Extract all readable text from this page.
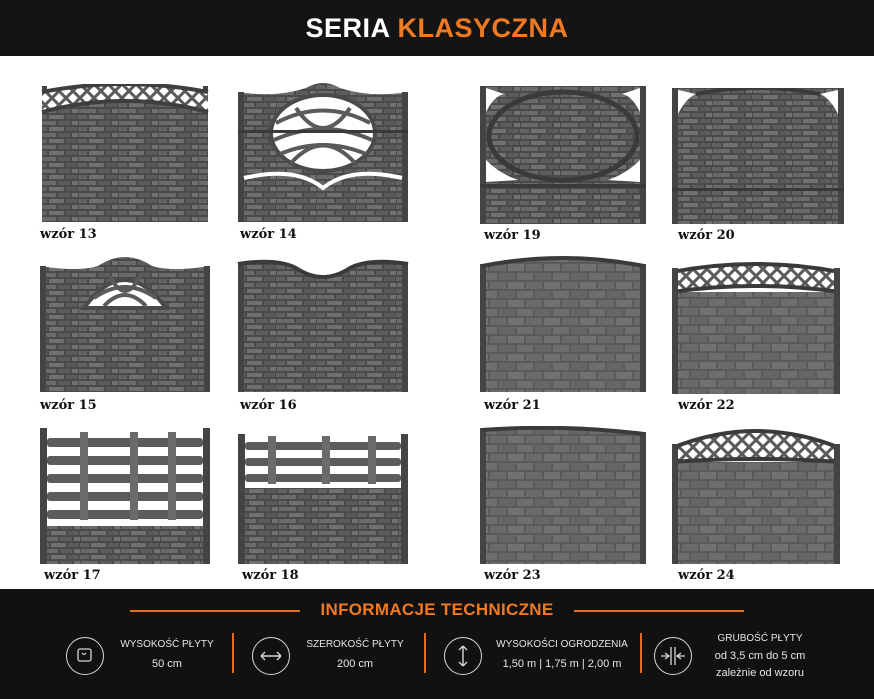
SERIA KLASYCZNA
wzór 13	wzór 14
wzór 15	wzór 16
wzór 17	wzór 18
wzór 19	wzór 20
wzór 21	wzór 22
wzór 23	wzór 24
INFORMACJE TECHNICZNE
WYSOKOŚĆ PŁYTY
50 cm
SZEROKOŚĆ PŁYTY
200 cm
WYSOKOŚCI OGRODZENIA
1,50 m | 1,75 m | 2,00 m
GRUBOŚĆ PŁYTY
od 3,5 cm do 5 cm
zależnie od wzoru
